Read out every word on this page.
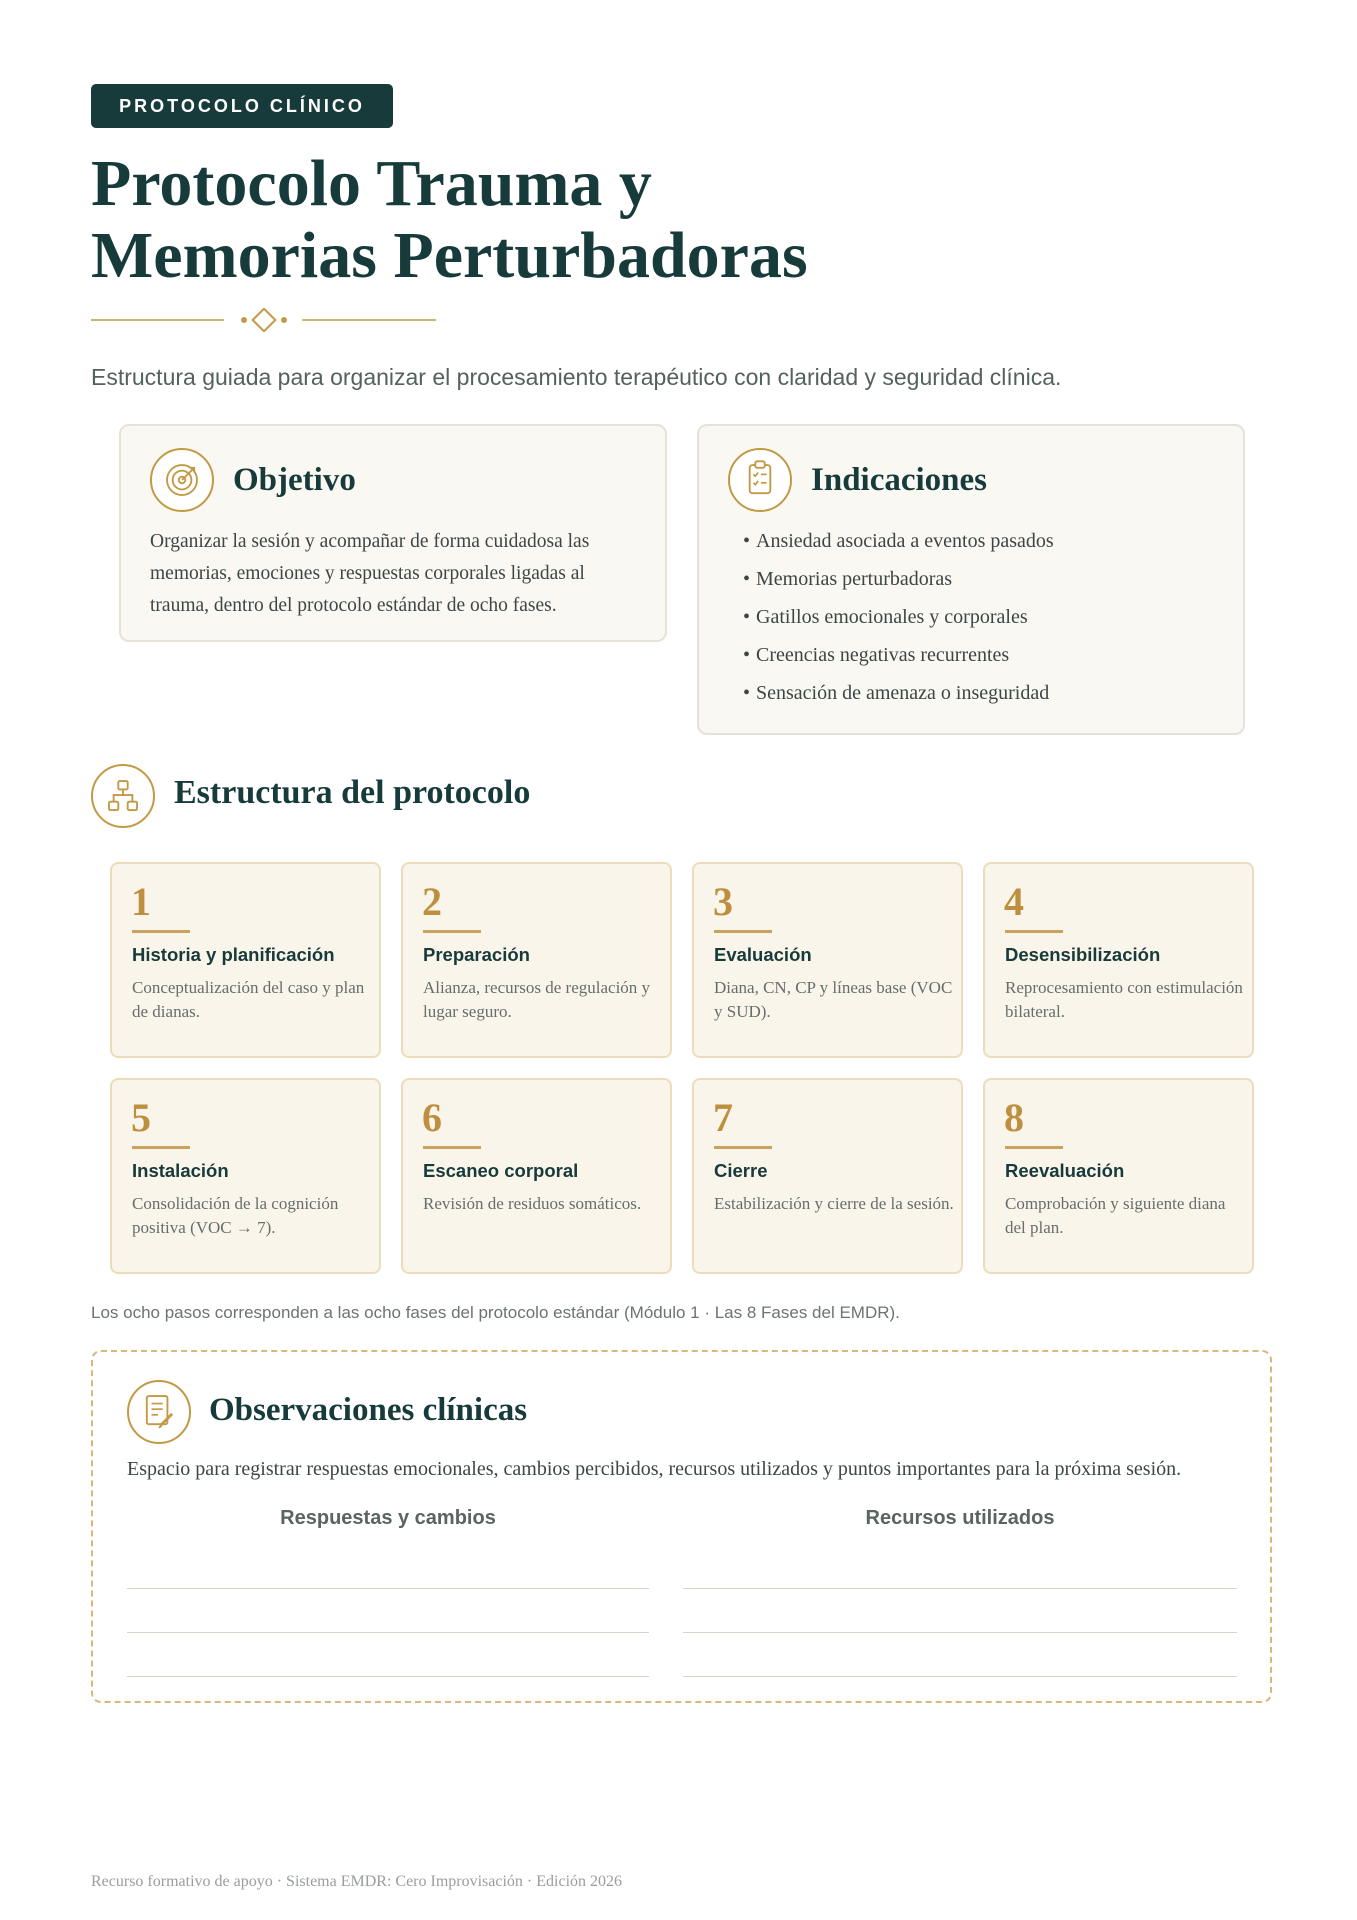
PROTOCOLO CLÍNICO
Protocolo Trauma y
Memorias Perturbadoras

Estructura guiada para organizar el procesamiento terapéutico con claridad y seguridad clínica.

Objetivo

Organizar la sesión y acompañar de forma cuidadosa las memorias, emociones y respuestas corporales ligadas al trauma, dentro del protocolo estándar de ocho fases.

Indicaciones
• Ansiedad asociada a eventos pasados
• Memorias perturbadoras
• Gatillos emocionales y corporales
• Creencias negativas recurrentes
• Sensación de amenaza o inseguridad
Estructura del protocolo
1
Historia y planificación
Conceptualización del caso y plan de dianas.
2
Preparación
Alianza, recursos de regulación y lugar seguro.
3
Evaluación
Diana, CN, CP y líneas base (VOC y SUD).
4
Desensibilización
Reprocesamiento con estimulación bilateral.
5
Instalación
Consolidación de la cognición positiva (VOC → 7).
6
Escaneo corporal
Revisión de residuos somáticos.
7
Cierre
Estabilización y cierre de la sesión.
8
Reevaluación
Comprobación y siguiente diana del plan.

Los ocho pasos corresponden a las ocho fases del protocolo estándar (Módulo 1 · Las 8 Fases del EMDR).

Observaciones clínicas

Espacio para registrar respuestas emocionales, cambios percibidos, recursos utilizados y puntos importantes para la próxima sesión.

Respuestas y cambios	Recursos utilizados

Recurso formativo de apoyo · Sistema EMDR: Cero Improvisación · Edición 2026
